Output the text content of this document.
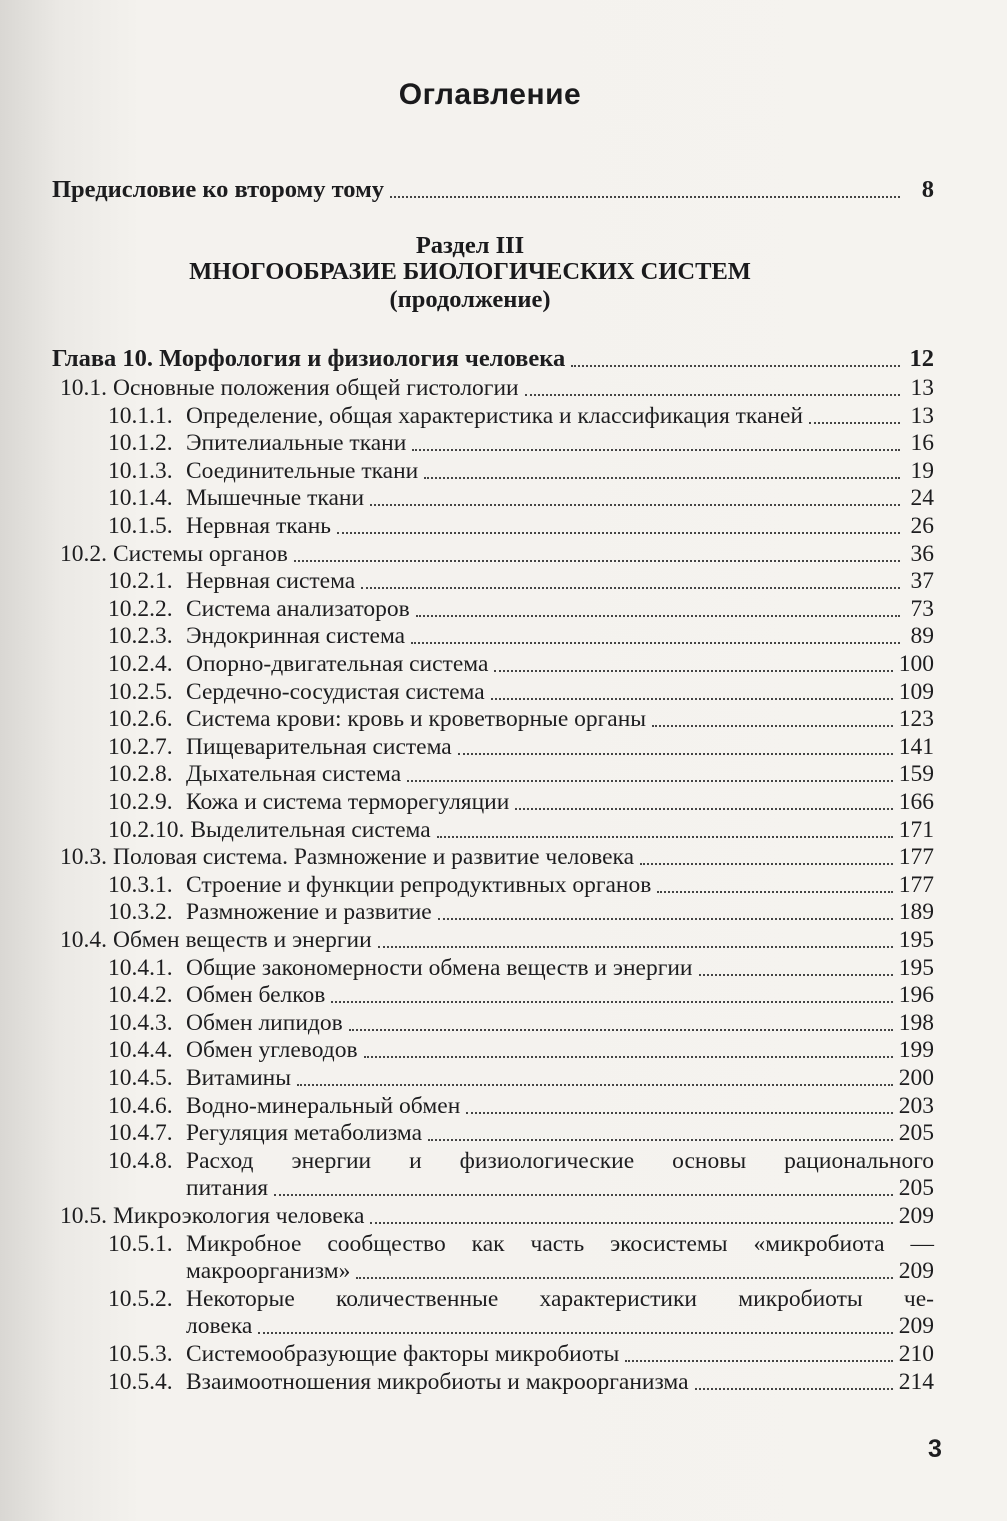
Оглавление
Предисловие ко второму тому	8
Раздел III
МНОГООБРАЗИЕ БИОЛОГИЧЕСКИХ СИСТЕМ
(продолжение)
Глава 10. Морфология и физиология человека	12
10.1. Основные положения общей гистологии	13
10.1.1. Определение, общая характеристика и классификация тканей	13
10.1.2. Эпителиальные ткани	16
10.1.3. Соединительные ткани	19
10.1.4. Мышечные ткани	24
10.1.5. Нервная ткань	26
10.2. Системы органов	36
10.2.1. Нервная система	37
10.2.2. Система анализаторов	73
10.2.3. Эндокринная система	89
10.2.4. Опорно-двигательная система	100
10.2.5. Сердечно-сосудистая система	109
10.2.6. Система крови: кровь и кроветворные органы	123
10.2.7. Пищеварительная система	141
10.2.8. Дыхательная система	159
10.2.9. Кожа и система терморегуляции	166
10.2.10. Выделительная система	171
10.3. Половая система. Размножение и развитие человека	177
10.3.1. Строение и функции репродуктивных органов	177
10.3.2. Размножение и развитие	189
10.4. Обмен веществ и энергии	195
10.4.1. Общие закономерности обмена веществ и энергии	195
10.4.2. Обмен белков	196
10.4.3. Обмен липидов	198
10.4.4. Обмен углеводов	199
10.4.5. Витамины	200
10.4.6. Водно-минеральный обмен	203
10.4.7. Регуляция метаболизма	205
10.4.8. Расход энергии и физиологические основы рационального
питания	205
10.5. Микроэкология человека	209
10.5.1. Микробное сообщество как часть экосистемы «микробиота —
макроорганизм»	209
10.5.2. Некоторые количественные характеристики микробиоты че-
ловека	209
10.5.3. Системообразующие факторы микробиоты	210
10.5.4. Взаимоотношения микробиоты и макроорганизма	214
3
